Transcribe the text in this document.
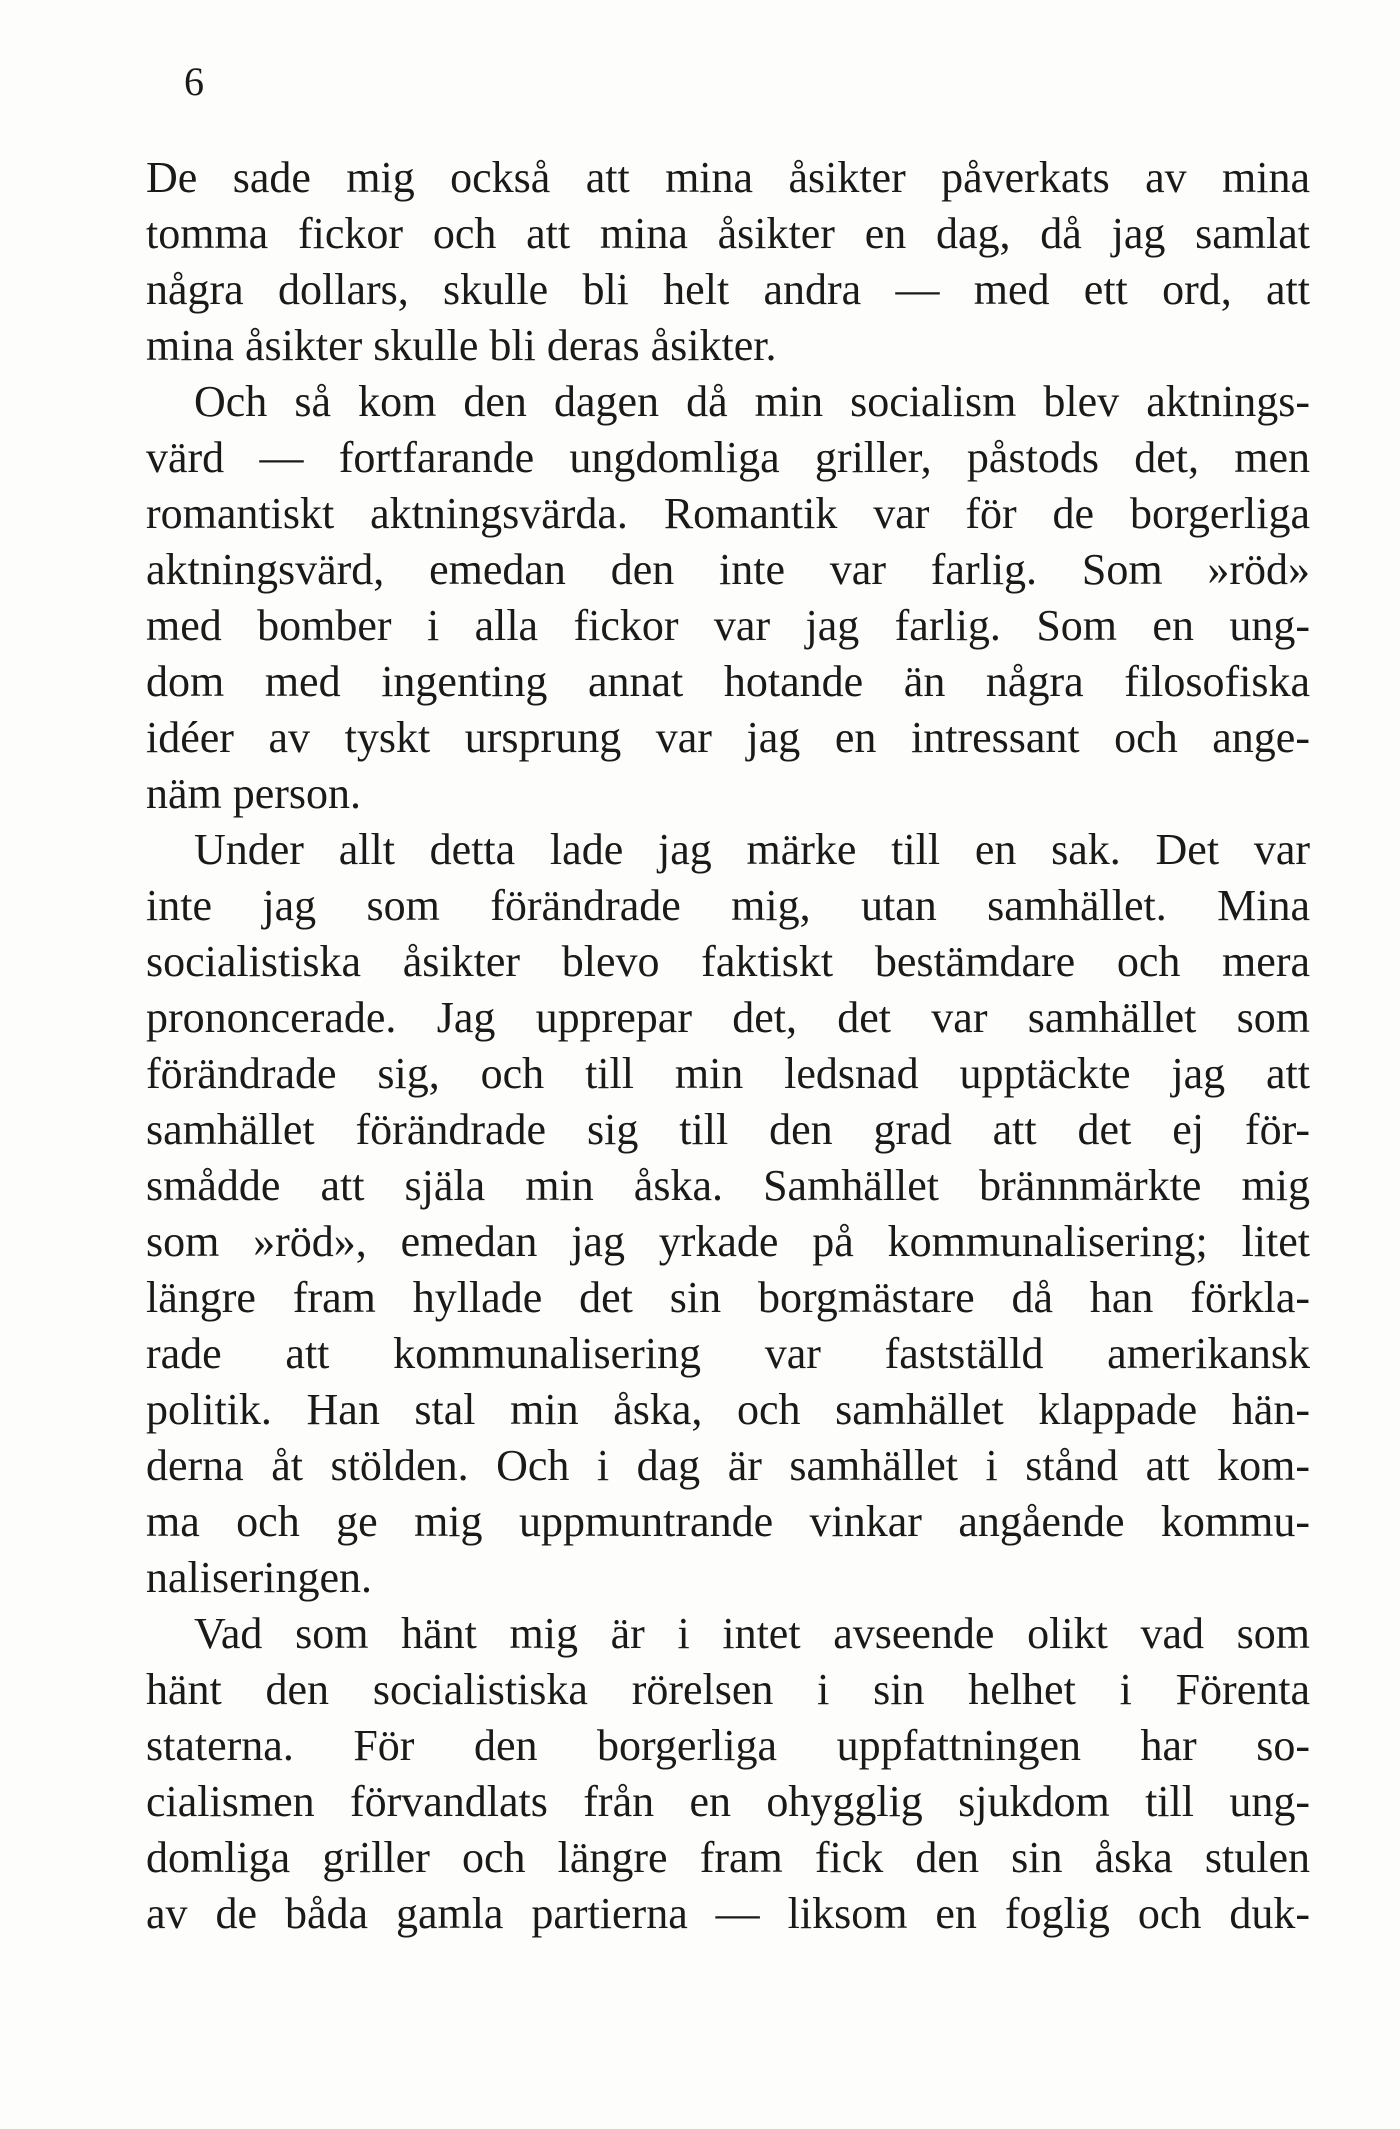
6
De sade mig också att mina åsikter påverkats av mina
tomma fickor och att mina åsikter en dag, då jag samlat
några dollars, skulle bli helt andra — med ett ord, att
mina åsikter skulle bli deras åsikter.
Och så kom den dagen då min socialism blev aktnings-
värd — fortfarande ungdomliga griller, påstods det, men
romantiskt aktningsvärda. Romantik var för de borgerliga
aktningsvärd, emedan den inte var farlig. Som »röd»
med bomber i alla fickor var jag farlig. Som en ung-
dom med ingenting annat hotande än några filosofiska
idéer av tyskt ursprung var jag en intressant och ange-
näm person.
Under allt detta lade jag märke till en sak. Det var
inte jag som förändrade mig, utan samhället. Mina
socialistiska åsikter blevo faktiskt bestämdare och mera
prononcerade. Jag upprepar det, det var samhället som
förändrade sig, och till min ledsnad upptäckte jag att
samhället förändrade sig till den grad att det ej för-
smådde att själa min åska. Samhället brännmärkte mig
som »röd», emedan jag yrkade på kommunalisering; litet
längre fram hyllade det sin borgmästare då han förkla-
rade att kommunalisering var fastställd amerikansk
politik. Han stal min åska, och samhället klappade hän-
derna åt stölden. Och i dag är samhället i stånd att kom-
ma och ge mig uppmuntrande vinkar angående kommu-
naliseringen.
Vad som hänt mig är i intet avseende olikt vad som
hänt den socialistiska rörelsen i sin helhet i Förenta
staterna. För den borgerliga uppfattningen har so-
cialismen förvandlats från en ohygglig sjukdom till ung-
domliga griller och längre fram fick den sin åska stulen
av de båda gamla partierna — liksom en foglig och duk-
